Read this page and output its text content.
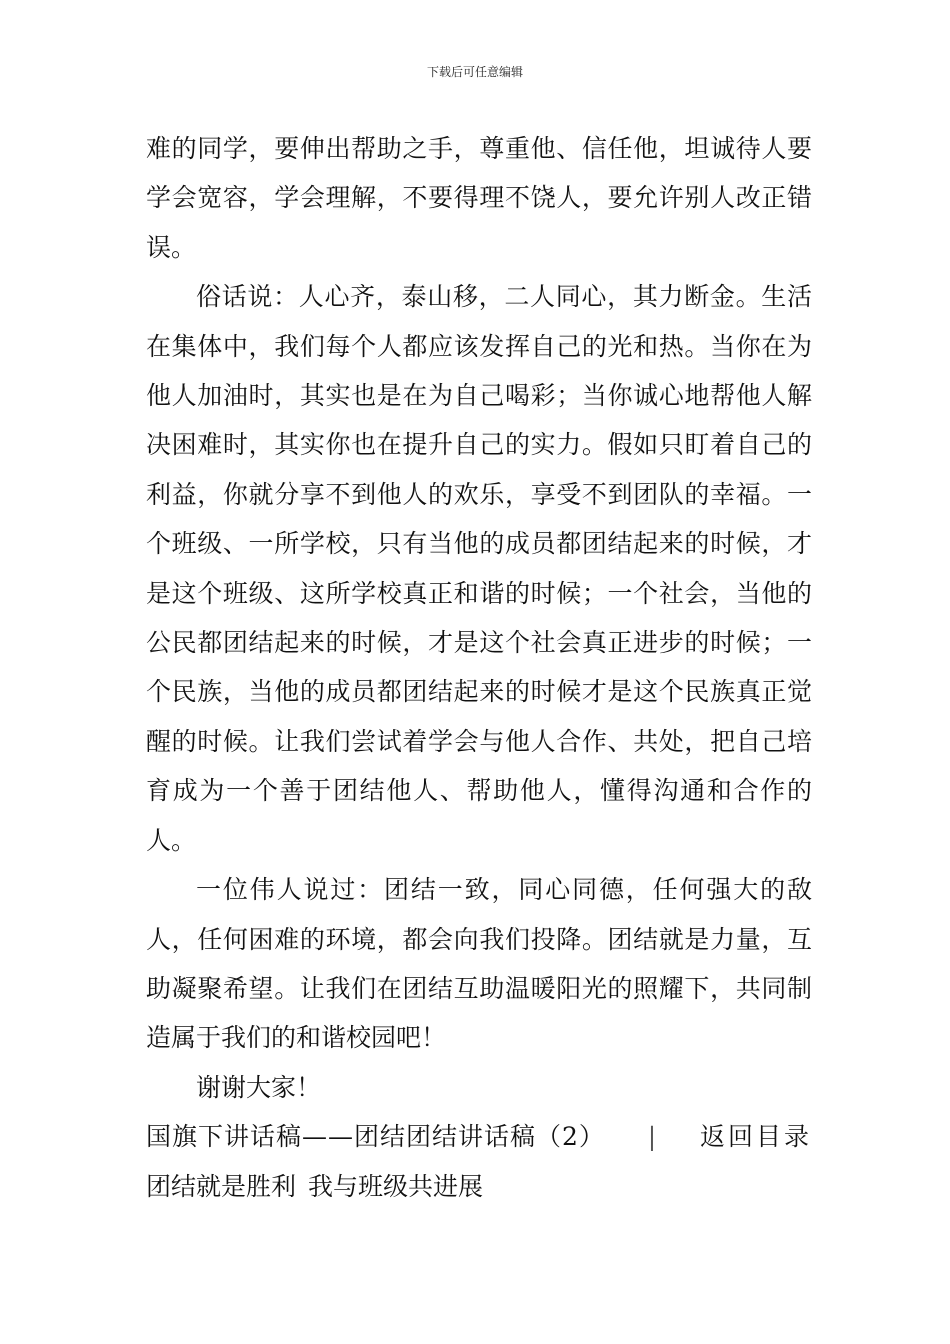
下载后可任意编辑

难的同学，要伸出帮助之手，尊重他、信任他，坦诚待人要学会宽容，学会理解，不要得理不饶人，要允许别人改正错误。

俗话说：人心齐，泰山移，二人同心，其力断金。生活在集体中，我们每个人都应该发挥自己的光和热。当你在为他人加油时，其实也是在为自己喝彩；当你诚心地帮他人解决困难时，其实你也在提升自己的实力。假如只盯着自己的利益，你就分享不到他人的欢乐，享受不到团队的幸福。一个班级、一所学校，只有当他的成员都团结起来的时候，才是这个班级、这所学校真正和谐的时候；一个社会，当他的公民都团结起来的时候，才是这个社会真正进步的时候；一个民族，当他的成员都团结起来的时候才是这个民族真正觉醒的时候。让我们尝试着学会与他人合作、共处，把自己培育成为一个善于团结他人、帮助他人，懂得沟通和合作的人。

一位伟人说过：团结一致，同心同德，任何强大的敌人，任何困难的环境，都会向我们投降。团结就是力量，互助凝聚希望。让我们在团结互助温暖阳光的照耀下，共同制造属于我们的和谐校园吧！

谢谢大家！

国旗下讲话稿——团结团结讲话稿（2） | 返回目录
团结就是胜利 我与班级共进展
